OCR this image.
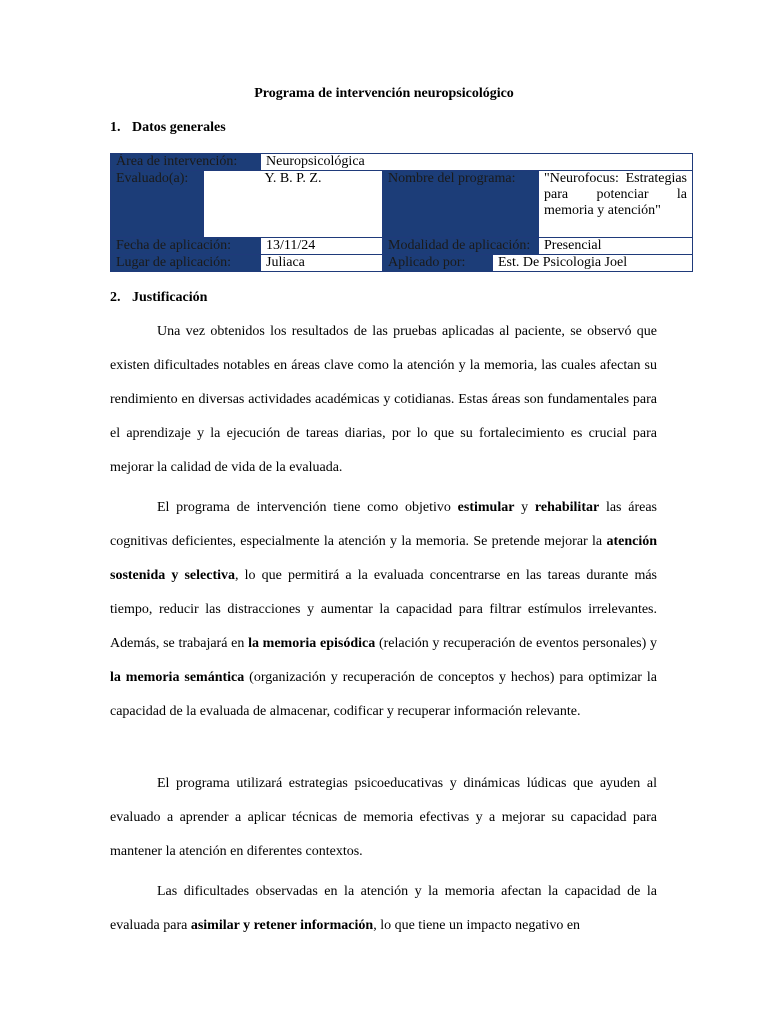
Programa de intervención neuropsicológico
1. Datos generales
Área de intervención:		Neuropsicológica			
Evaluado(a):	Y. B. P. Z.		Nombre del programa:		"Neurofocus: Estrategias para potenciar la memoria y atención"
Fecha de aplicación:		13/11/24	Modalidad de aplicación:		Presencial
Lugar de aplicación:		Juliaca	Aplicado por:	Est. De Psicologia Joel	
2. Justificación
Una vez obtenidos los resultados de las pruebas aplicadas al paciente, se observó que existen dificultades notables en áreas clave como la atención y la memoria, las cuales afectan su rendimiento en diversas actividades académicas y cotidianas. Estas áreas son fundamentales para el aprendizaje y la ejecución de tareas diarias, por lo que su fortalecimiento es crucial para mejorar la calidad de vida de la evaluada.
El programa de intervención tiene como objetivo estimular y rehabilitar las áreas cognitivas deficientes, especialmente la atención y la memoria. Se pretende mejorar la atención sostenida y selectiva, lo que permitirá a la evaluada concentrarse en las tareas durante más tiempo, reducir las distracciones y aumentar la capacidad para filtrar estímulos irrelevantes. Además, se trabajará en la memoria episódica (relación y recuperación de eventos personales) y la memoria semántica (organización y recuperación de conceptos y hechos) para optimizar la capacidad de la evaluada de almacenar, codificar y recuperar información relevante.
El programa utilizará estrategias psicoeducativas y dinámicas lúdicas que ayuden al evaluado a aprender a aplicar técnicas de memoria efectivas y a mejorar su capacidad para mantener la atención en diferentes contextos.
Las dificultades observadas en la atención y la memoria afectan la capacidad de la evaluada para asimilar y retener información, lo que tiene un impacto negativo en
